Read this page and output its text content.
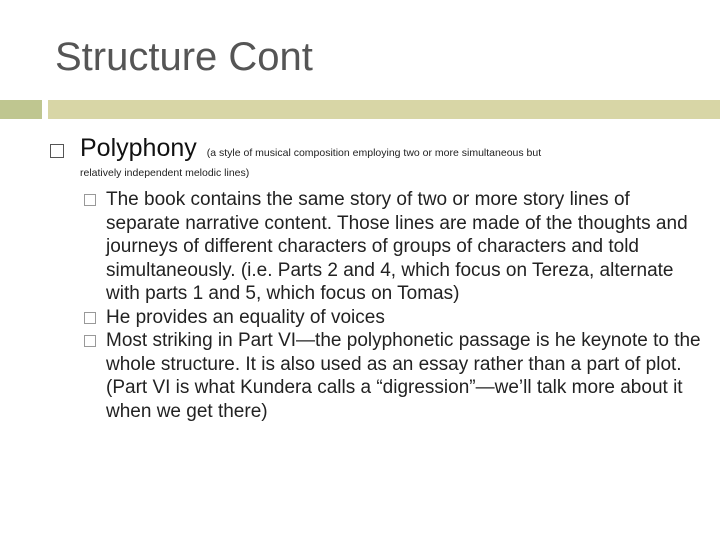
Structure Cont
Polyphony (a style of musical composition employing two or more simultaneous but
relatively independent melodic lines)
The book contains the same story of two or more story lines of separate narrative content. Those lines are made of the thoughts and journeys of different characters of groups of characters and told simultaneously. (i.e. Parts 2 and 4, which focus on Tereza, alternate with parts 1 and 5, which focus on Tomas)
He provides an equality of voices
Most striking in Part VI—the polyphonetic passage is he keynote to the whole structure. It is also used as an essay rather than a part of plot. (Part VI is what Kundera calls a “digression”—we’ll talk more about it when we get there)
